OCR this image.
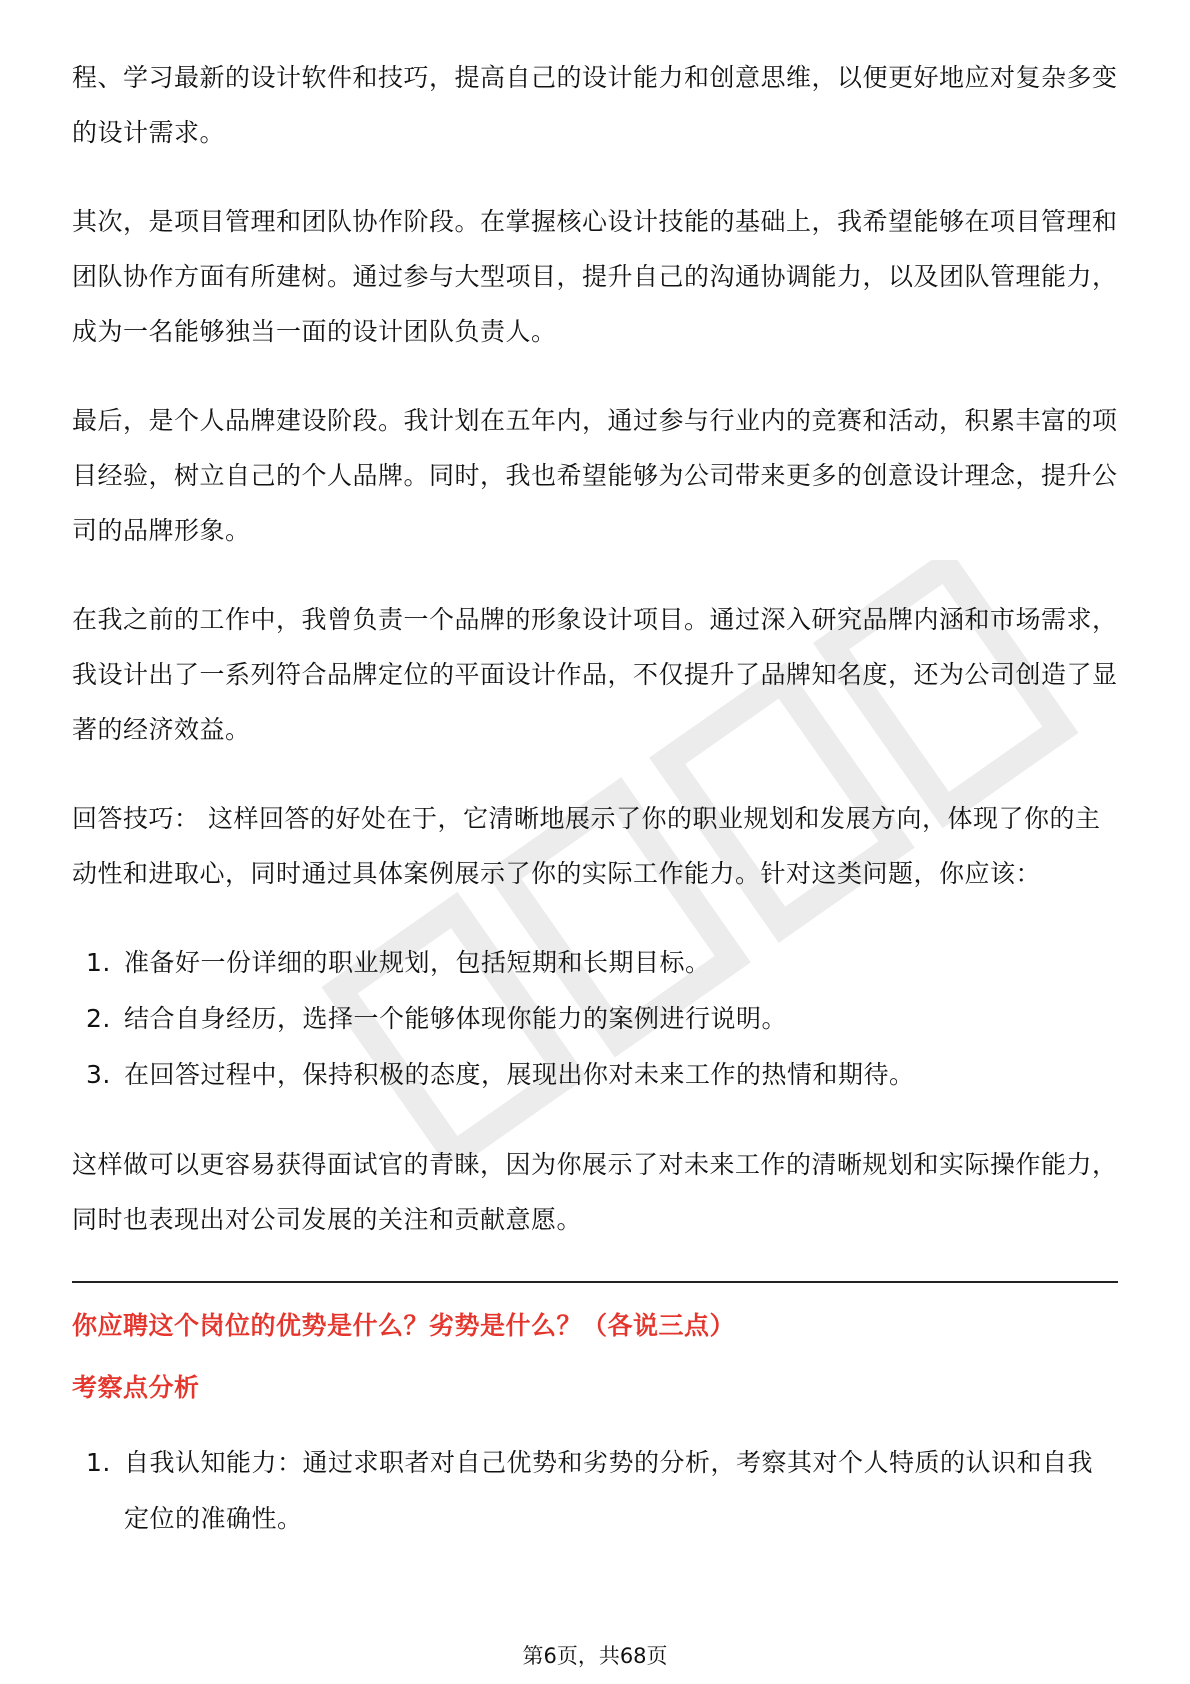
程、学习最新的设计软件和技巧，提高自己的设计能力和创意思维，以便更好地应对复杂多变的设计需求。

其次，是项目管理和团队协作阶段。在掌握核心设计技能的基础上，我希望能够在项目管理和团队协作方面有所建树。通过参与大型项目，提升自己的沟通协调能力，以及团队管理能力，成为一名能够独当一面的设计团队负责人。

最后，是个人品牌建设阶段。我计划在五年内，通过参与行业内的竞赛和活动，积累丰富的项目经验，树立自己的个人品牌。同时，我也希望能够为公司带来更多的创意设计理念，提升公司的品牌形象。

在我之前的工作中，我曾负责一个品牌的形象设计项目。通过深入研究品牌内涵和市场需求，我设计出了一系列符合品牌定位的平面设计作品，不仅提升了品牌知名度，还为公司创造了显著的经济效益。

回答技巧： 这样回答的好处在于，它清晰地展示了你的职业规划和发展方向，体现了你的主动性和进取心，同时通过具体案例展示了你的实际工作能力。针对这类问题，你应该：

1. 准备好一份详细的职业规划，包括短期和长期目标。
2. 结合自身经历，选择一个能够体现你能力的案例进行说明。
3. 在回答过程中，保持积极的态度，展现出你对未来工作的热情和期待。

这样做可以更容易获得面试官的青睐，因为你展示了对未来工作的清晰规划和实际操作能力，同时也表现出对公司发展的关注和贡献意愿。

你应聘这个岗位的优势是什么？劣势是什么？（各说三点）

考察点分析

1. 自我认知能力：通过求职者对自己优势和劣势的分析，考察其对个人特质的认识和自我定位的准确性。
第6页，共68页
